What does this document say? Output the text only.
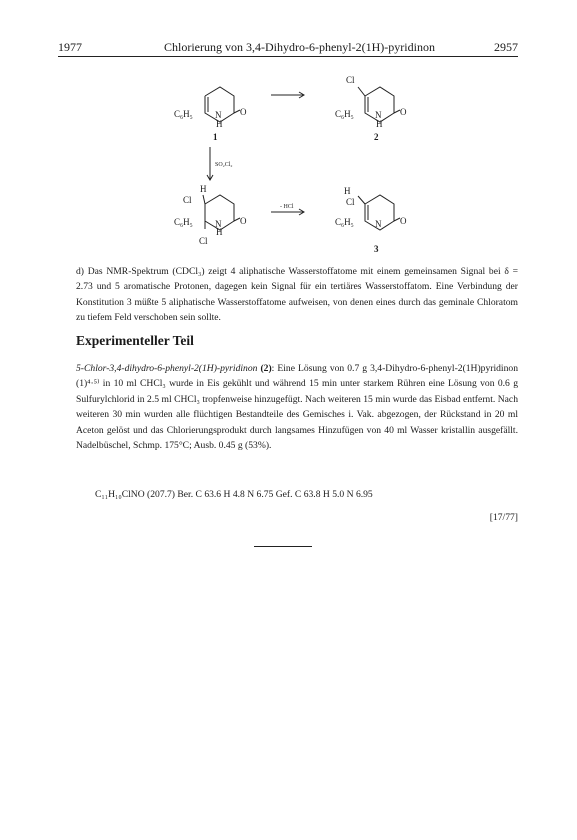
1977	Chlorierung von 3,4-Dihydro-6-phenyl-2(1H)-pyridinon	2957
C₆H₅ N
H
O
1
Cl
C₆H₅ N
H
O
2
SO₂Cl₂
H
Cl
C₆H₅ N
H
O
Cl
- HCl
H
Cl
C₆H₅ N O
3

d) Das NMR-Spektrum (CDCl₃) zeigt 4 aliphatische Wasserstoffatome mit einem gemeinsamen Signal bei δ = 2.73 und 5 aromatische Protonen, dagegen kein Signal für ein tertiäres Wasserstoffatom. Eine Verbindung der Konstitution 3 müßte 5 aliphatische Wasserstoffatome aufweisen, von denen eines durch das geminale Chloratom zu tiefem Feld verschoben sein sollte.

Experimenteller Teil

5-Chlor-3,4-dihydro-6-phenyl-2(1H)-pyridinon (2): Eine Lösung von 0.7 g 3,4-Dihydro-6-phenyl-2(1H)pyridinon (1)⁴·⁵⁾ in 10 ml CHCl₃ wurde in Eis gekühlt und während 15 min unter starkem Rühren eine Lösung von 0.6 g Sulfurylchlorid in 2.5 ml CHCl₃ tropfenweise hinzugefügt. Nach weiteren 15 min wurde das Eisbad entfernt. Nach weiteren 30 min wurden alle flüchtigen Bestandteile des Gemisches i. Vak. abgezogen, der Rückstand in 20 ml Aceton gelöst und das Chlorierungsprodukt durch langsames Hinzufügen von 40 ml Wasser kristallin ausgefällt. Nadelbüschel, Schmp. 175°C; Ausb. 0.45 g (53%).

C₁₁H₁₀ClNO (207.7) Ber. C 63.6 H 4.8 N 6.75 Gef. C 63.8 H 5.0 N 6.95
[17/77]
